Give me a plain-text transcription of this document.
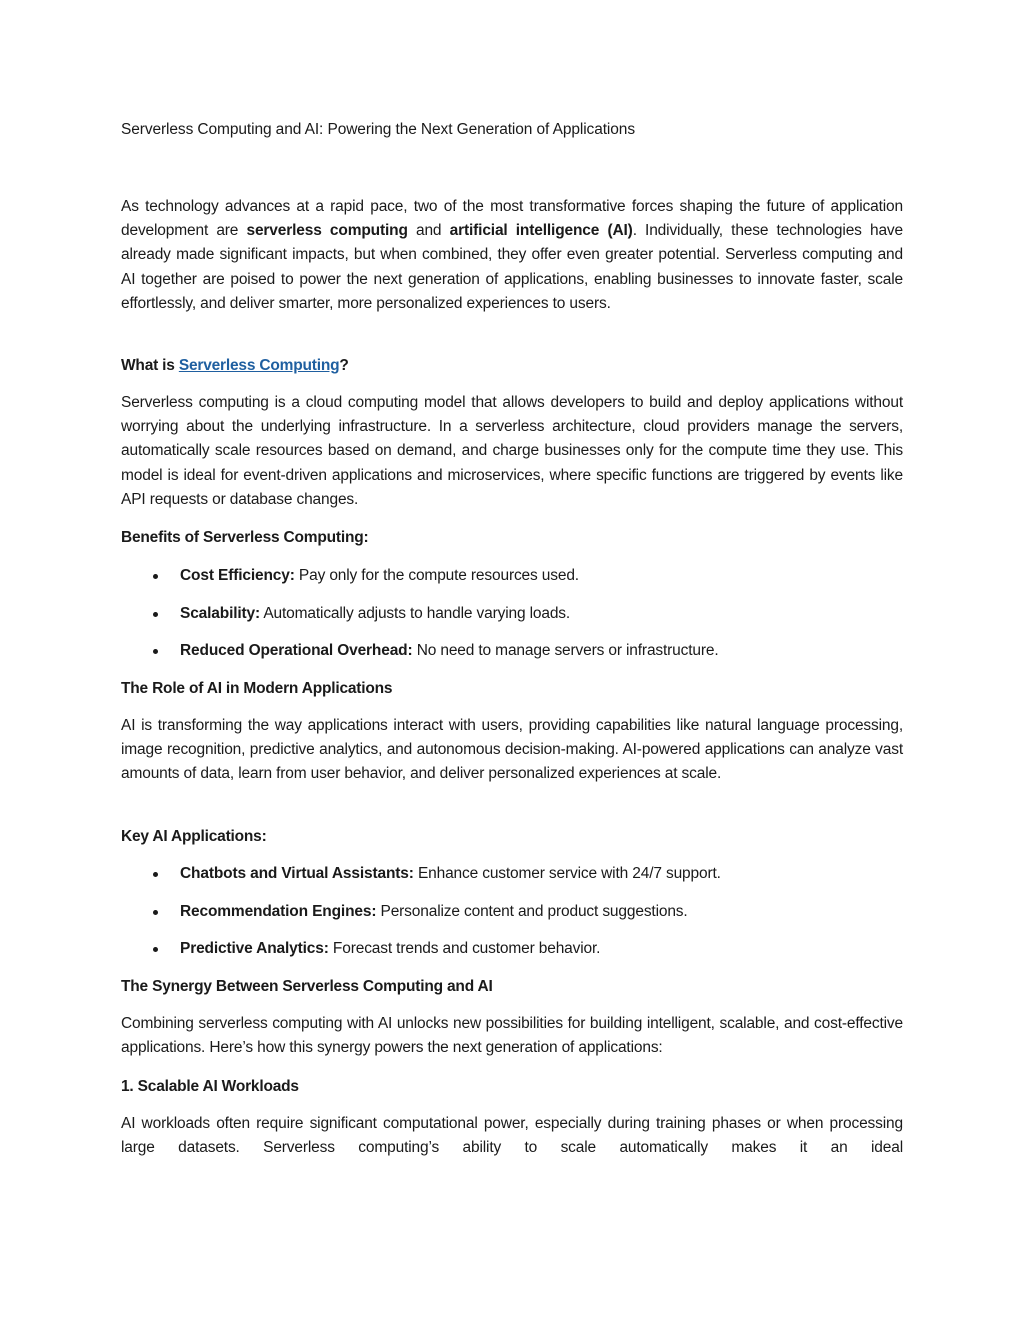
Serverless Computing and AI: Powering the Next Generation of Applications

As technology advances at a rapid pace, two of the most transformative forces shaping the future of application development are serverless computing and artificial intelligence (AI). Individually, these technologies have already made significant impacts, but when combined, they offer even greater potential. Serverless computing and AI together are poised to power the next generation of applications, enabling businesses to innovate faster, scale effortlessly, and deliver smarter, more personalized experiences to users.

What is Serverless Computing?

Serverless computing is a cloud computing model that allows developers to build and deploy applications without worrying about the underlying infrastructure. In a serverless architecture, cloud providers manage the servers, automatically scale resources based on demand, and charge businesses only for the compute time they use. This model is ideal for event-driven applications and microservices, where specific functions are triggered by events like API requests or database changes.

Benefits of Serverless Computing:
Cost Efficiency: Pay only for the compute resources used.
Scalability: Automatically adjusts to handle varying loads.
Reduced Operational Overhead: No need to manage servers or infrastructure.
The Role of AI in Modern Applications

AI is transforming the way applications interact with users, providing capabilities like natural language processing, image recognition, predictive analytics, and autonomous decision-making. AI-powered applications can analyze vast amounts of data, learn from user behavior, and deliver personalized experiences at scale.

Key AI Applications:
Chatbots and Virtual Assistants: Enhance customer service with 24/7 support.
Recommendation Engines: Personalize content and product suggestions.
Predictive Analytics: Forecast trends and customer behavior.
The Synergy Between Serverless Computing and AI

Combining serverless computing with AI unlocks new possibilities for building intelligent, scalable, and cost-effective applications. Here’s how this synergy powers the next generation of applications:

1. Scalable AI Workloads

AI workloads often require significant computational power, especially during training phases or when processing large datasets. Serverless computing’s ability to scale automatically makes it an ideal
